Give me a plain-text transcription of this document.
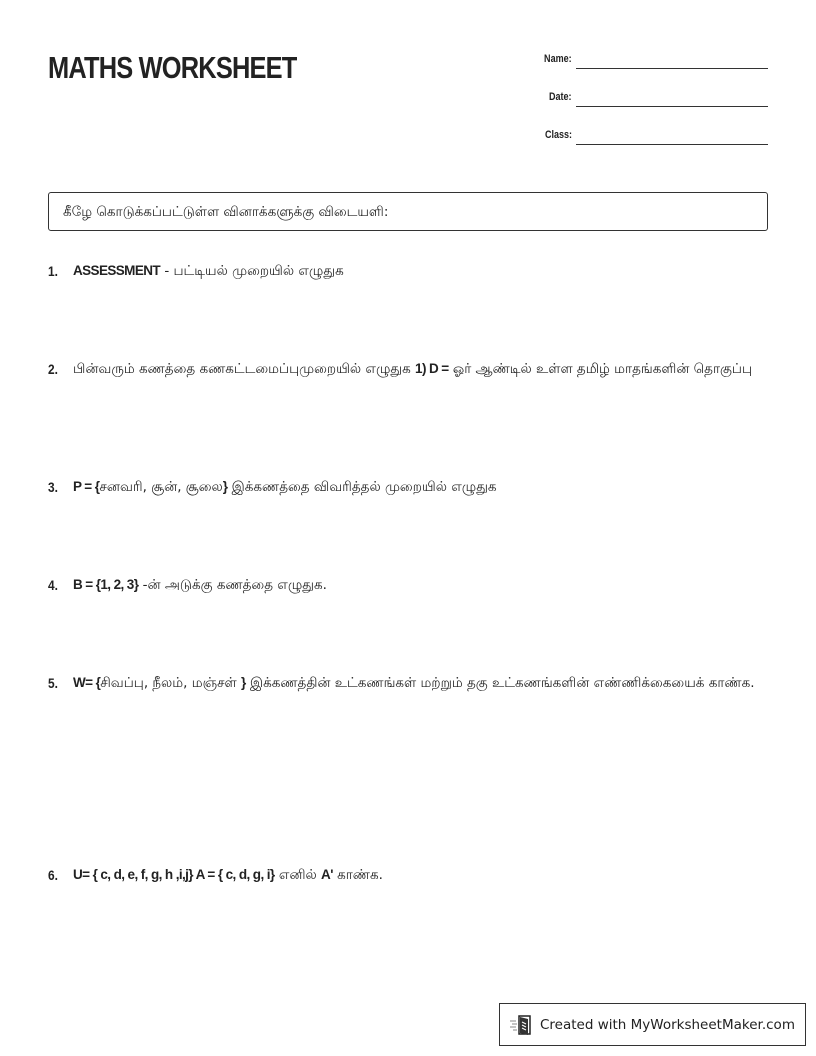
MATHS WORKSHEET	Name:
Date:
Class:
கீழே கொடுக்கப்பட்டுள்ள வினாக்களுக்கு விடையளி:
1. ASSESSMENT - பட்டியல் முறையில் எழுதுக
2. பின்வரும் கணத்தை கணகட்டமைப்புமுறையில் எழுதுக 1) D = ஓர் ஆண்டில் உள்ள தமிழ் மாதங்களின் தொகுப்பு
3. P = {சனவரி, சூன், சூலை} இக்கணத்தை விவரித்தல் முறையில் எழுதுக
4. B = {1, 2, 3} -ன் அடுக்கு கணத்தை எழுதுக.
5. W= {சிவப்பு, நீலம், மஞ்சள் } இக்கணத்தின் உட்கணங்கள் மற்றும் தகு உட்கணங்களின் எண்ணிக்கையைக் காண்க.
6. U= { c, d, e, f, g, h ,i,j} A = { c, d, g, i} எனில் A' காண்க.
Created with MyWorksheetMaker.com
